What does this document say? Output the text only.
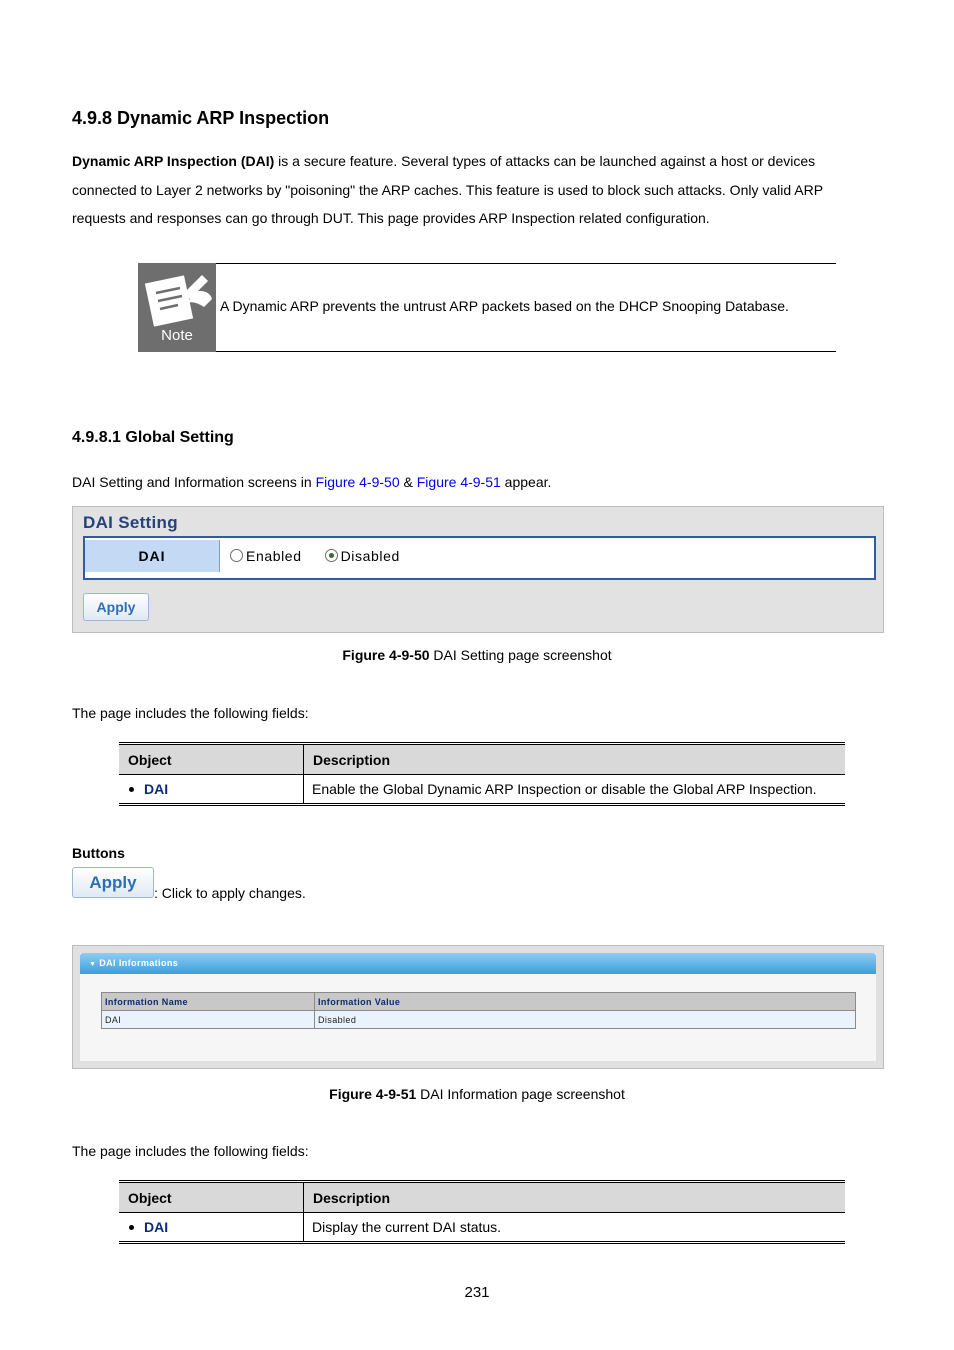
4.9.8 Dynamic ARP Inspection
Dynamic ARP Inspection (DAI) is a secure feature. Several types of attacks can be launched against a host or devices
connected to Layer 2 networks by "poisoning" the ARP caches. This feature is used to block such attacks. Only valid ARP
requests and responses can go through DUT. This page provides ARP Inspection related configuration.
Note
A Dynamic ARP prevents the untrust ARP packets based on the DHCP Snooping Database.
4.9.8.1 Global Setting
DAI Setting and Information screens in Figure 4-9-50 & Figure 4-9-51 appear.
DAI Setting
DAI	Enabled	Disabled
Apply
Figure 4-9-50 DAI Setting page screenshot
The page includes the following fields:
Object	Description
DAI	Enable the Global Dynamic ARP Inspection or disable the Global ARP Inspection.
Buttons
Apply
: Click to apply changes.
▼ DAI Informations
Information Name	Information Value
DAI	Disabled
Figure 4-9-51 DAI Information page screenshot
The page includes the following fields:
Object	Description
DAI	Display the current DAI status.
231
